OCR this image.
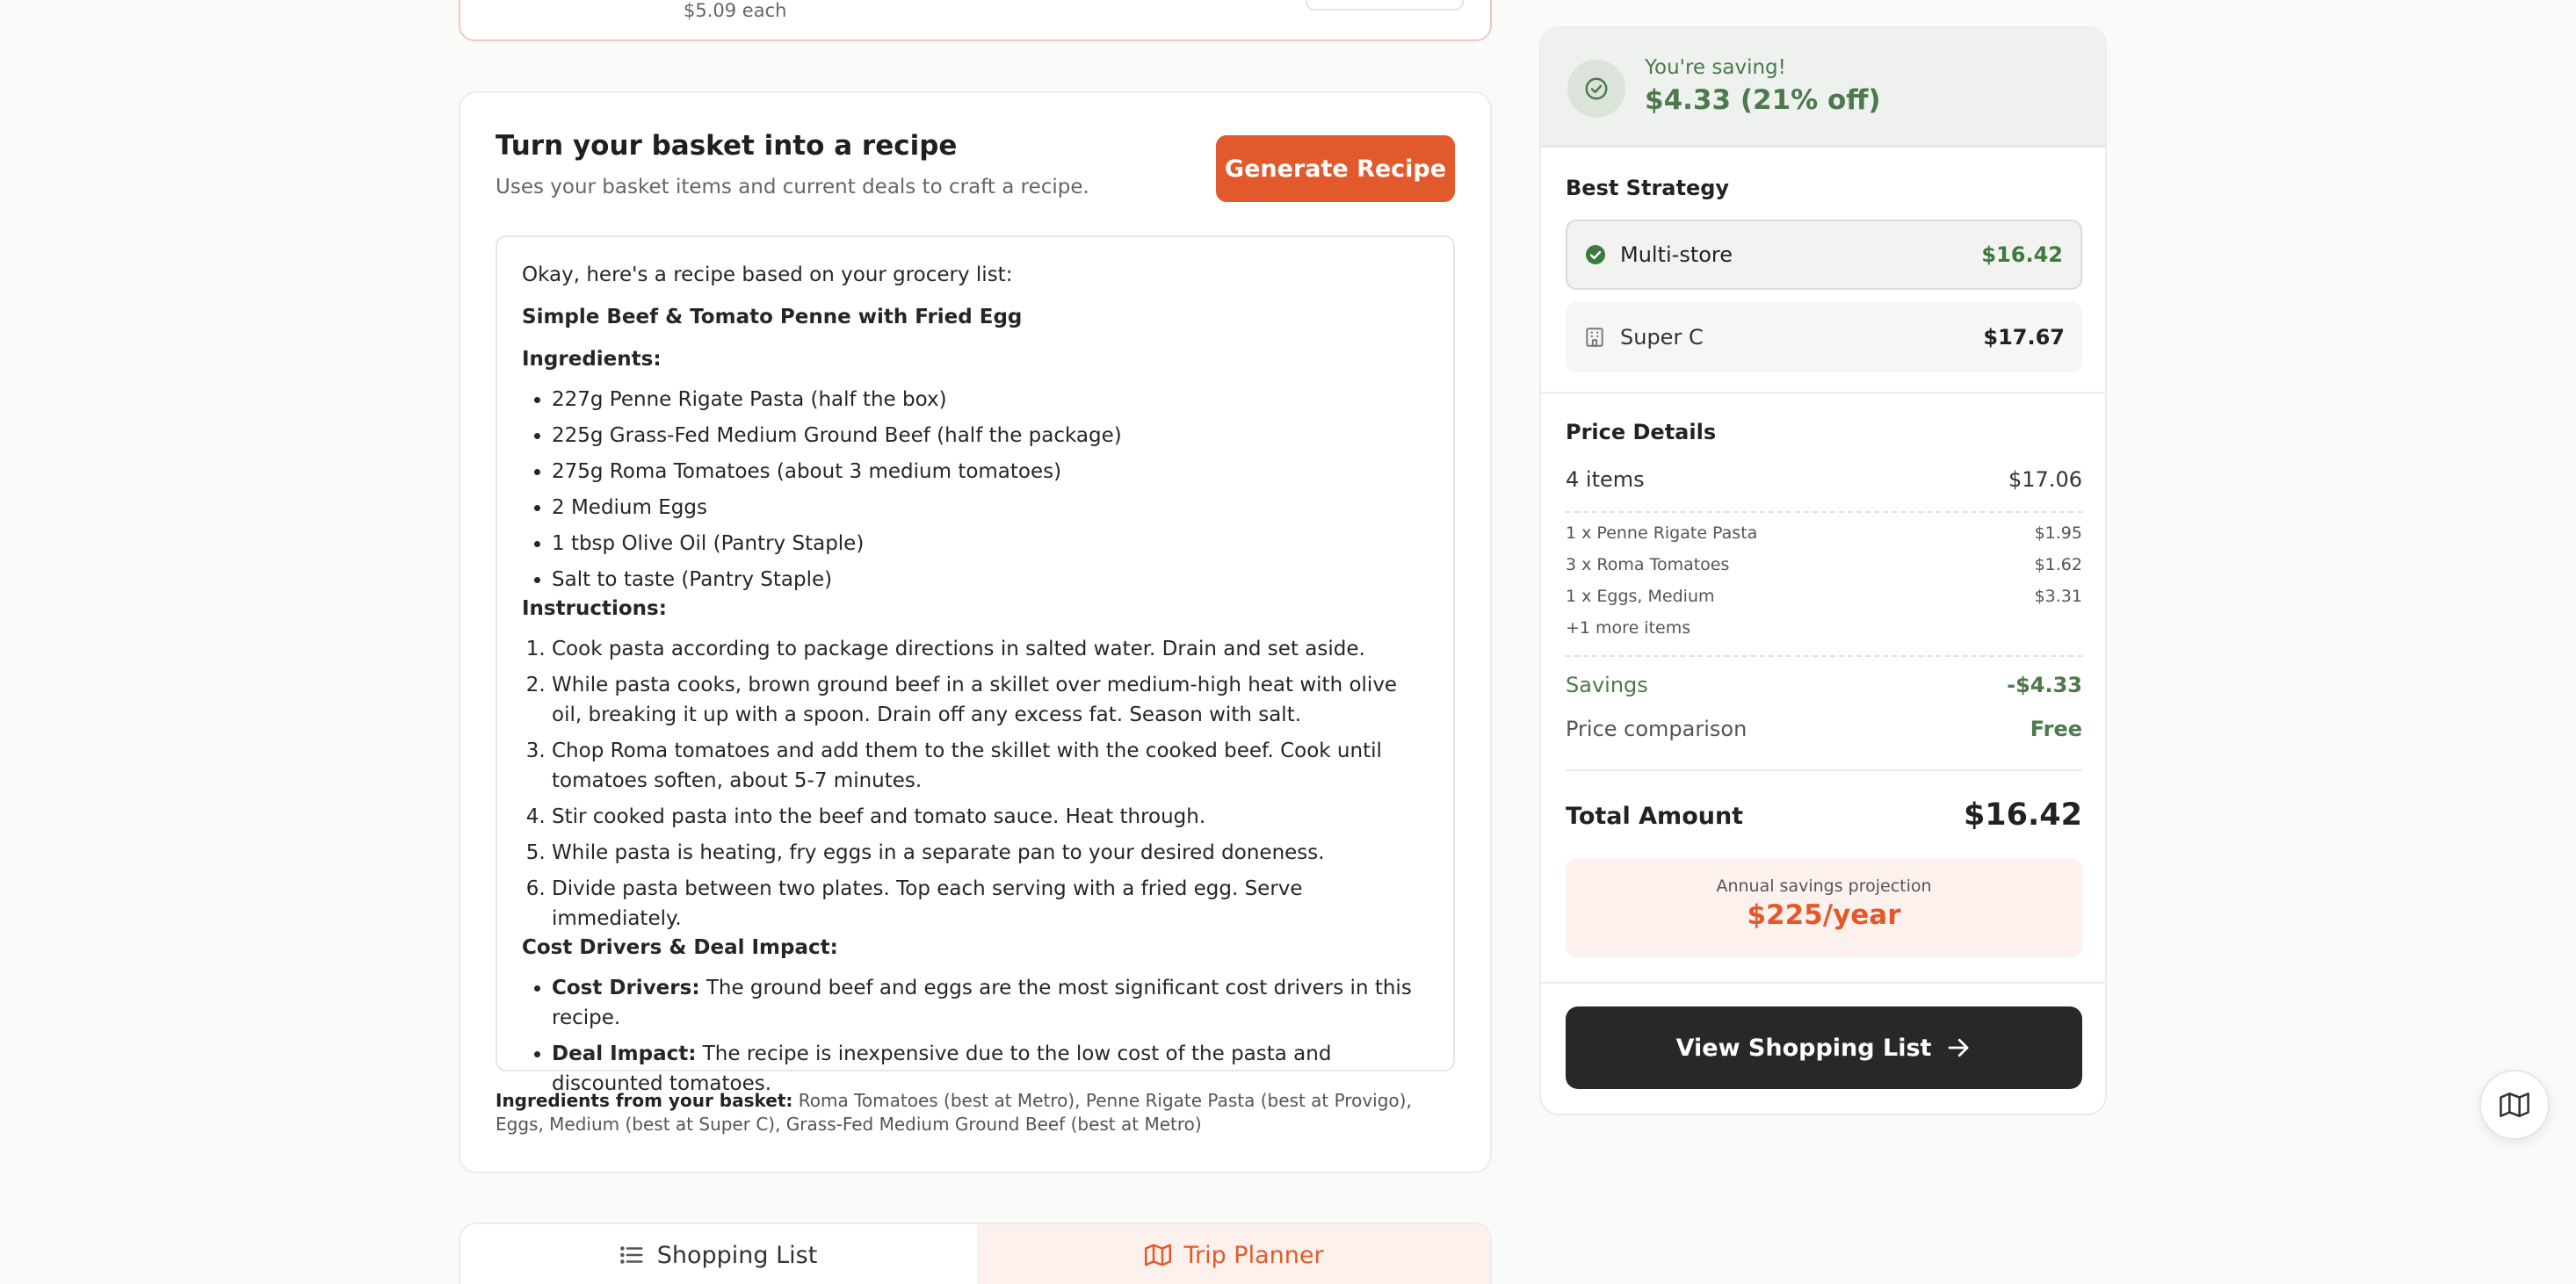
$5.09 each
Turn your basket into a recipe
Uses your basket items and current deals to craft a recipe.
Generate Recipe

Okay, here's a recipe based on your grocery list:

Simple Beef & Tomato Penne with Fried Egg

Ingredients:
• 227g Penne Rigate Pasta (half the box)
• 225g Grass-Fed Medium Ground Beef (half the package)
• 275g Roma Tomatoes (about 3 medium tomatoes)
• 2 Medium Eggs
• 1 tbsp Olive Oil (Pantry Staple)
• Salt to taste (Pantry Staple)
Instructions:
1. Cook pasta according to package directions in salted water. Drain and set aside.
2. While pasta cooks, brown ground beef in a skillet over medium-high heat with olive oil, breaking it up with a spoon. Drain off any excess fat. Season with salt.
3. Chop Roma tomatoes and add them to the skillet with the cooked beef. Cook until tomatoes soften, about 5-7 minutes.
4. Stir cooked pasta into the beef and tomato sauce. Heat through.
5. While pasta is heating, fry eggs in a separate pan to your desired doneness.
6. Divide pasta between two plates. Top each serving with a fried egg. Serve immediately.
Cost Drivers & Deal Impact:
• Cost Drivers: The ground beef and eggs are the most significant cost drivers in this recipe.
• Deal Impact: The recipe is inexpensive due to the low cost of the pasta and discounted tomatoes.
Ingredients from your basket: Roma Tomatoes (best at Metro), Penne Rigate Pasta (best at Provigo), Eggs, Medium (best at Super C), Grass-Fed Medium Ground Beef (best at Metro)
Shopping List	Trip Planner
You're saving!
$4.33 (21% off)
Best Strategy
Multi-store	$16.42
Super C	$17.67
Price Details
4 items	$17.06
1 x Penne Rigate Pasta	$1.95
3 x Roma Tomatoes	$1.62
1 x Eggs, Medium	$3.31
+1 more items
Savings	-$4.33
Price comparison	Free
Total Amount	$16.42
Annual savings projection
$225/year
View Shopping List
